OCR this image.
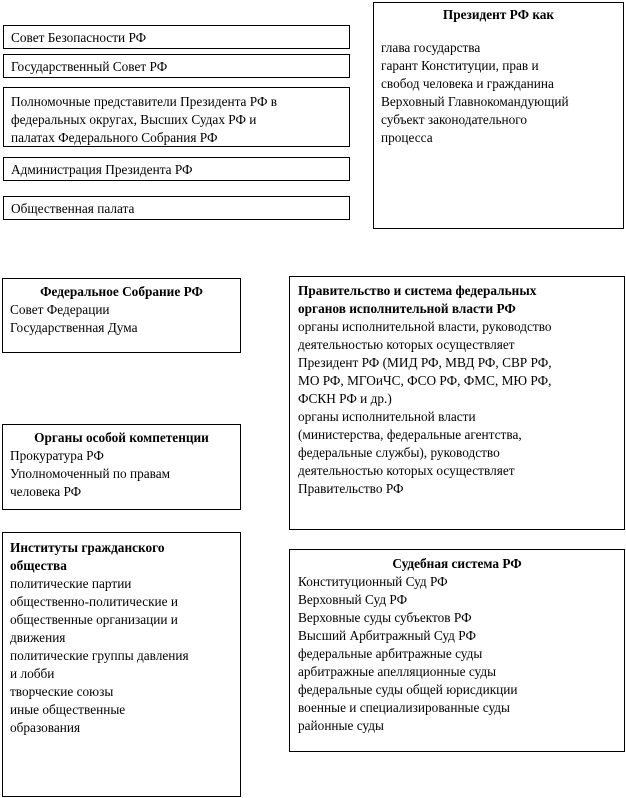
Совет Безопасности РФ
Государственный Совет РФ
Полномочные представители Президента РФ в
федеральных округах, Высших Судах РФ и
палатах Федерального Собрания РФ
Администрация Президента РФ
Общественная палата
Президент РФ как
глава государства
гарант Конституции, прав и
свобод человека и гражданина
Верховный Главнокомандующий
субъект законодательного
процесса
Федеральное Собрание РФ
Совет Федерации
Государственная Дума
Правительство и система федеральных
органов исполнительной власти РФ
органы исполнительной власти, руководство
деятельностью которых осуществляет
Президент РФ (МИД РФ, МВД РФ, СВР РФ,
МО РФ, МГОиЧС, ФСО РФ, ФМС, МЮ РФ,
ФСКН РФ и др.)
органы исполнительной власти
(министерства, федеральные агентства,
федеральные службы), руководство
деятельностью которых осуществляет
Правительство РФ
Органы особой компетенции
Прокуратура РФ
Уполномоченный по правам
человека РФ
Институты гражданского
общества
политические партии
общественно-политические и
общественные организации и
движения
политические группы давления
и лобби
творческие союзы
иные общественные
образования
Судебная система РФ
Конституционный Суд РФ
Верховный Суд РФ
Верховные суды субъектов РФ
Высший Арбитражный Суд РФ
федеральные арбитражные суды
арбитражные апелляционные суды
федеральные суды общей юрисдикции
военные и специализированные суды
районные суды
